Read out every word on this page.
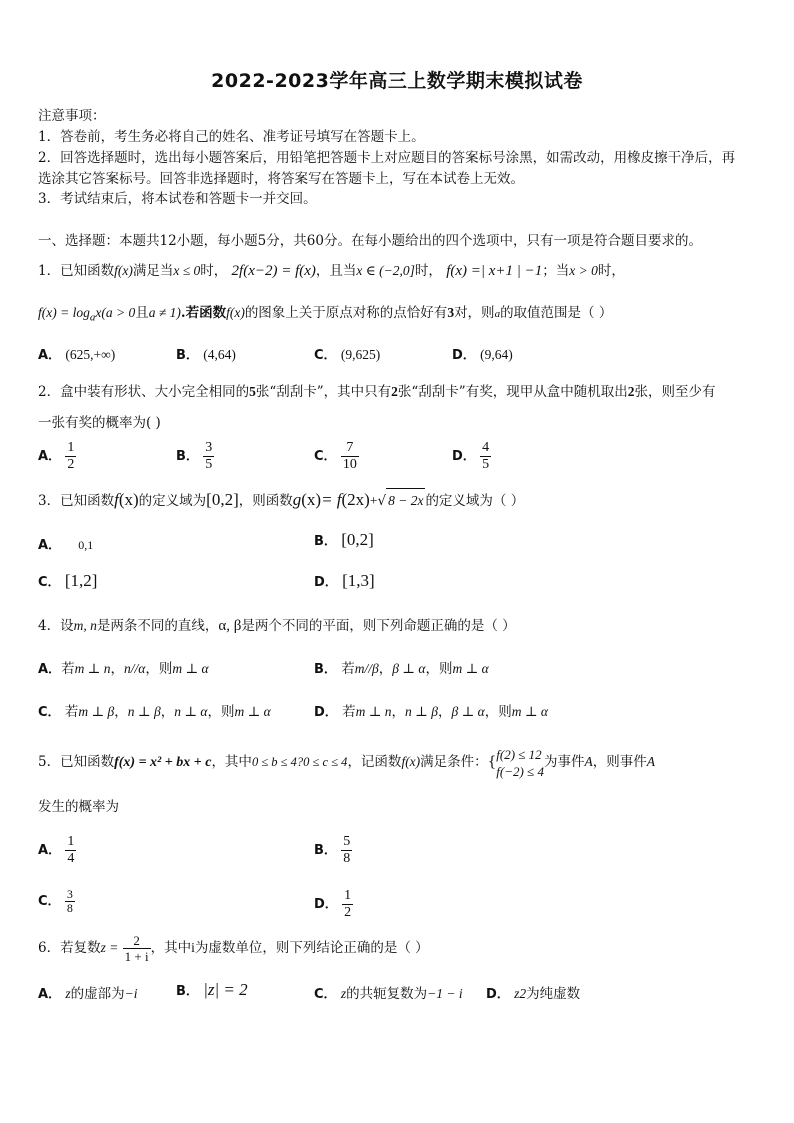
2022-2023学年高三上数学期末模拟试卷
注意事项：
1．答卷前，考生务必将自己的姓名、准考证号填写在答题卡上。
2．回答选择题时，选出每小题答案后，用铅笔把答题卡上对应题目的答案标号涂黑，如需改动，用橡皮擦干净后，再
选涂其它答案标号。回答非选择题时，将答案写在答题卡上，写在本试卷上无效。
3．考试结束后，将本试卷和答题卡一并交回。
一、选择题：本题共12小题，每小题5分，共60分。在每小题给出的四个选项中，只有一项是符合题目要求的。
1．已知函数f(x)满足当x ≤ 0时， 2f(x−2) = f(x)，且当x ∈ (−2,0]时， f(x) =| x+1 | −1；当x > 0时，
$f(x) = \log_ax(a > 0$且a ≠ 1).若函数f(x)的图象上关于原点对称的点恰好有3对，则a的取值范围是（ ）
A． (625,+∞)	B． (4,64)	C． (9,625)	D． (9,64)
2．盒中装有形状、大小完全相同的5张“刮刮卡”，其中只有2张“刮刮卡”有奖，现甲从盒中随机取出2张，则至少有
一张有奖的概率为( )
A． $\frac{1}{2}$	B． $\frac{3}{5}$	C． $\frac{7}{10}$	D． $\frac{4}{5}$
3．已知函数f(x)的定义域为[0,2]，则函数g(x)= f(2x)+√ 8 − 2x 的定义域为（ ）
A． 0,1	B． [0,2]
C． [1,2]	D． [1,3]
4．设m, n是两条不同的直线，α, β是两个不同的平面，则下列命题正确的是（ ）
A．若m ⊥ n，n//α，则m ⊥ α	B． 若m//β，β ⊥ α，则m ⊥ α
C． 若m ⊥ β，n ⊥ β，n ⊥ α，则m ⊥ α	D． 若m ⊥ n，n ⊥ β，β ⊥ α，则m ⊥ α
5．已知函数f(x) = x² + bx + c，其中0 ≤ b ≤ 4?0 ≤ c ≤ 4，记函数f(x)满足条件：{ f(2) ≤ 12
f(−2) ≤ 4
为事件A，则事件A
发生的概率为
A． $\frac{1}{4}$	B． $\frac{5}{8}$
C． $\frac{3}{8}$	D． $\frac{1}{2}$
6．若复数$z = \frac{2}{1 + i}$ ，其中i为虚数单位，则下列结论正确的是（ ）
A． z的虚部为−i	B． |z| = 2	C． z的共轭复数为−1 − i D． z2为纯虚数
